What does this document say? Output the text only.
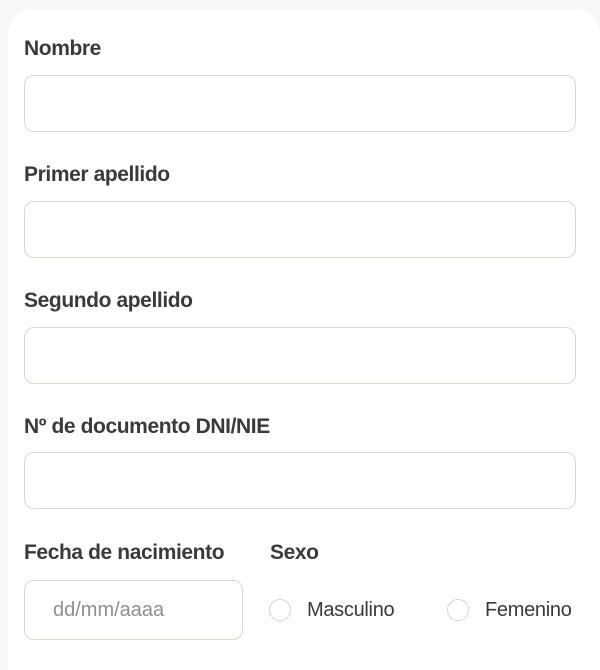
Nombre
Primer apellido
Segundo apellido
Nº de documento DNI/NIE
Fecha de nacimiento
dd/mm/aaaa Sexo
Masculino	Femenino
